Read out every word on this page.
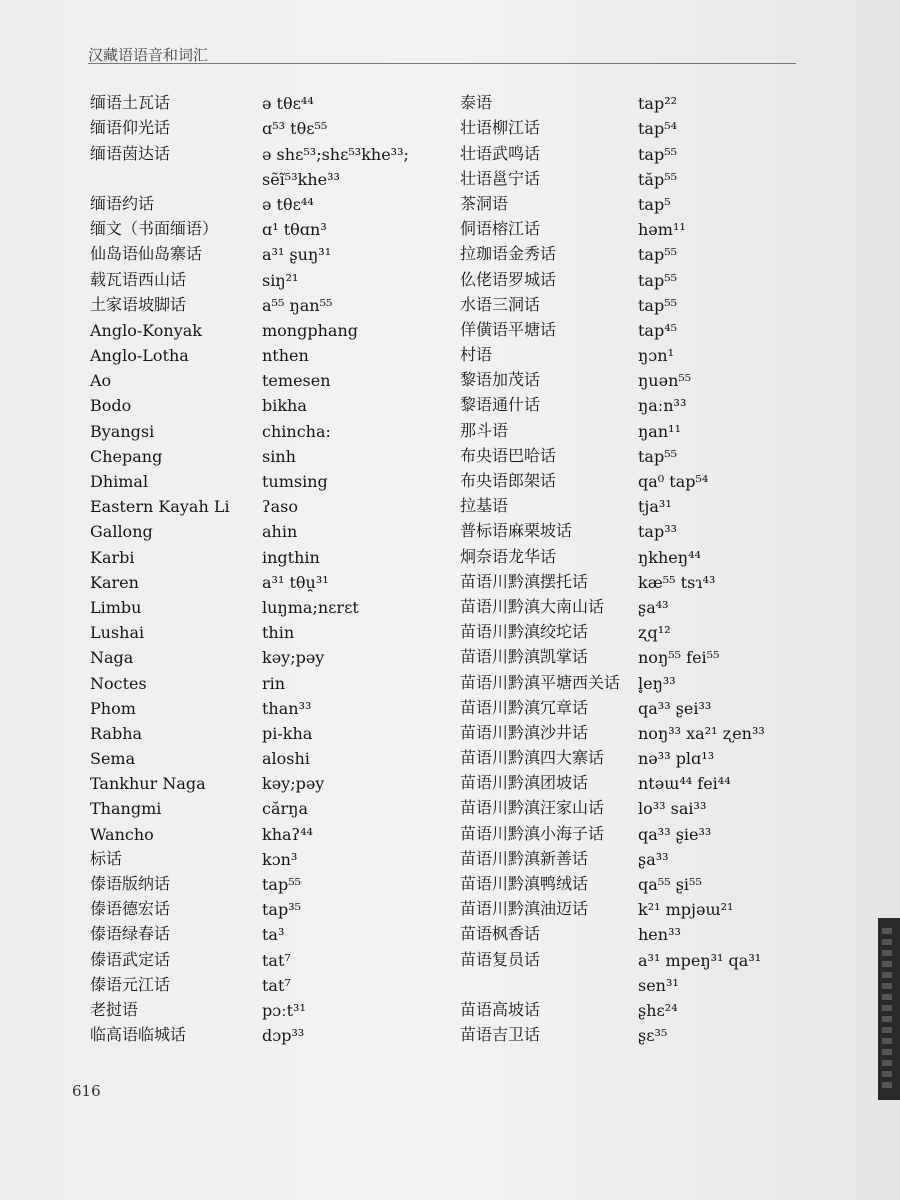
汉藏语语音和词汇
缅语土瓦话	ə tθɛ⁴⁴
缅语仰光话	ɑ⁵³ tθɛ⁵⁵
缅语茵达话	ə shɛ⁵³;shɛ⁵³khe³³;
sẽĩ⁵³khe³³
缅语约话	ə tθɛ⁴⁴
缅文（书面缅语）	ɑ¹ tθɑn³
仙岛语仙岛寨话	a³¹ ʂuŋ³¹
载瓦语西山话	siŋ²¹
土家语坡脚话	a⁵⁵ ŋan⁵⁵
Anglo-Konyak	mongphang
Anglo-Lotha	nthen
Ao	temesen
Bodo	bikha
Byangsi	chincha:
Chepang	sinh
Dhimal	tumsing
Eastern Kayah Li	ʔaso
Gallong	ahin
Karbi	ingthin
Karen	a³¹ tθu̯³¹
Limbu	luŋma;nɛrɛt
Lushai	thin
Naga	kəy;pəy
Noctes	rin
Phom	than³³
Rabha	pi-kha
Sema	aloshi
Tankhur Naga	kəy;pəy
Thangmi	cărŋa
Wancho	khaʔ⁴⁴
标话	kɔn³
傣语版纳话	tap⁵⁵
傣语德宏话	tap³⁵
傣语绿春话	ta³
傣语武定话	tat⁷
傣语元江话	tat⁷
老挝语	pɔːt³¹
临高语临城话	dɔp³³
泰语	tap²²
壮语柳江话	tap⁵⁴
壮语武鸣话	tap⁵⁵
壮语邕宁话	tăp⁵⁵
茶洞语	tap⁵
侗语榕江话	həm¹¹
拉珈语金秀话	tap⁵⁵
仫佬语罗城话	tap⁵⁵
水语三洞话	tap⁵⁵
佯僙语平塘话	tap⁴⁵
村语	ŋɔn¹
黎语加茂话	ŋuən⁵⁵
黎语通什话	ŋaːn³³
那斗语	ŋan¹¹
布央语巴哈话	tap⁵⁵
布央语郎架话	qa⁰ tap⁵⁴
拉基语	tja³¹
普标语麻栗坡话	tap³³
炯奈语龙华话	ŋkheŋ⁴⁴
苗语川黔滇摆托话	kæ⁵⁵ tsɿ⁴³
苗语川黔滇大南山话	ʂa⁴³
苗语川黔滇绞坨话	ʐq¹²
苗语川黔滇凯掌话	noŋ⁵⁵ fei⁵⁵
苗语川黔滇平塘西关话	l̥eŋ³³
苗语川黔滇冗章话	qa³³ ʂei³³
苗语川黔滇沙井话	noŋ³³ xa²¹ ʐen³³
苗语川黔滇四大寨话	nə³³ plɑ¹³
苗语川黔滇团坡话	ntəɯ⁴⁴ fei⁴⁴
苗语川黔滇汪家山话	lo³³ sai³³
苗语川黔滇小海子话	qa³³ ʂie³³
苗语川黔滇新善话	ʂa³³
苗语川黔滇鸭绒话	qa⁵⁵ ʂi⁵⁵
苗语川黔滇油迈话	k²¹ mpjəɯ²¹
苗语枫香话	hen³³
苗语复员话	a³¹ mpeŋ³¹ qa³¹
sen³¹
苗语高坡话	ʂhɛ²⁴
苗语吉卫话	ʂɛ³⁵
616
